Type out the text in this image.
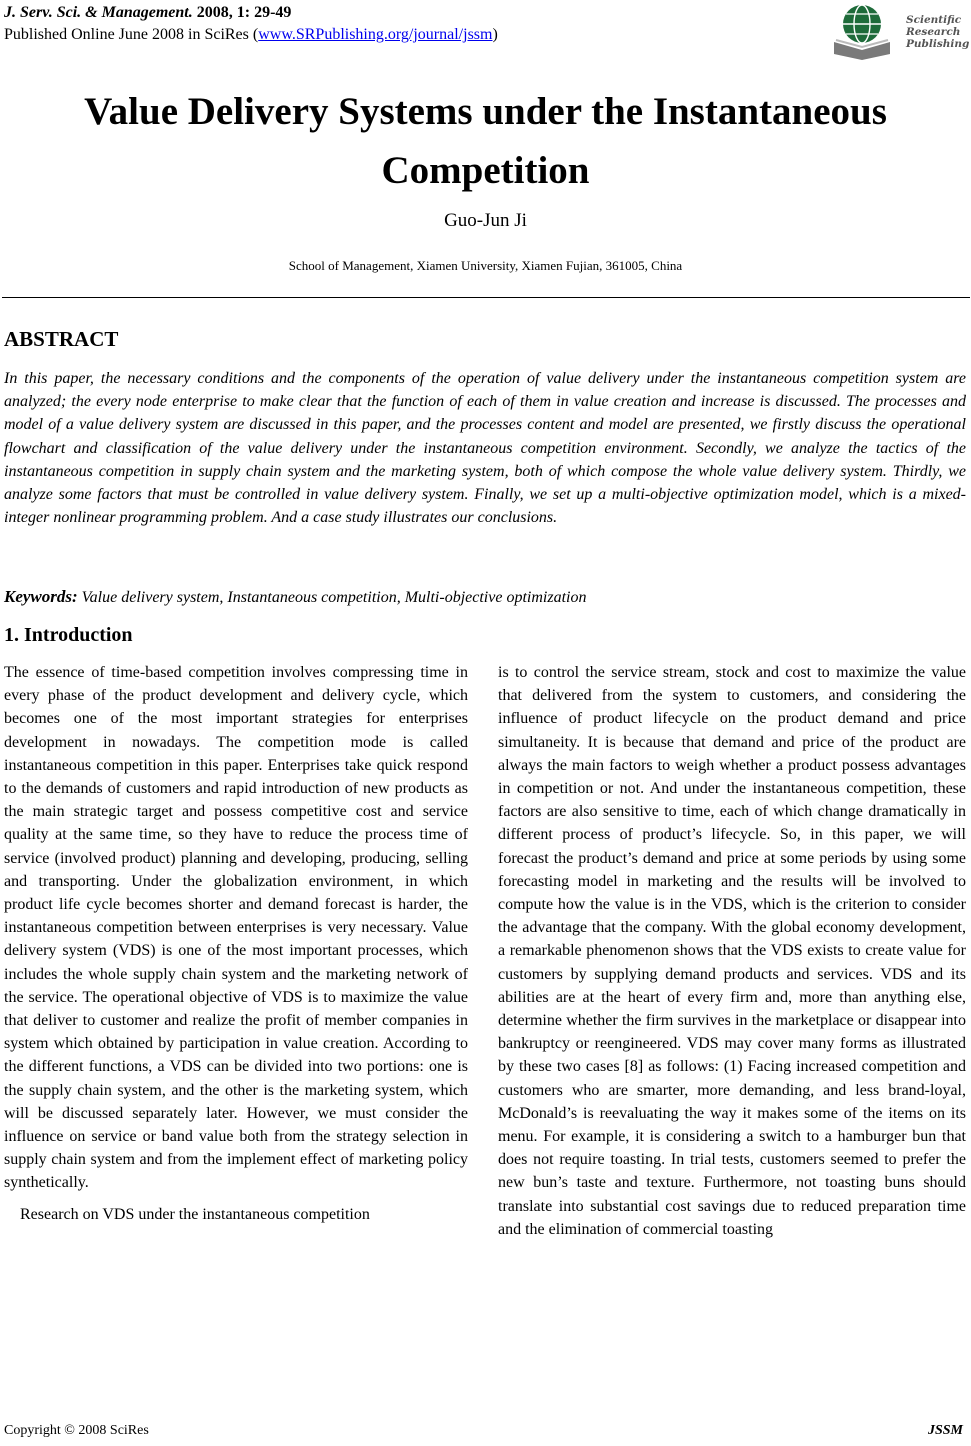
J. Serv. Sci. & Management. 2008, 1: 29-49
Published Online June 2008 in SciRes (www.SRPublishing.org/journal/jssm)
Scientific
Research
Publishing
Value Delivery Systems under the Instantaneous
Competition
Guo-Jun Ji
School of Management, Xiamen University, Xiamen Fujian, 361005, China
ABSTRACT

In this paper, the necessary conditions and the components of the operation of value delivery under the instantaneous competition system are analyzed; the every node enterprise to make clear that the function of each of them in value creation and increase is discussed. The processes and model of a value delivery system are discussed in this paper, and the processes content and model are presented, we firstly discuss the operational flowchart and classification of the value delivery under the instantaneous competition environment. Secondly, we analyze the tactics of the instantaneous competition in supply chain system and the marketing system, both of which compose the whole value delivery system. Thirdly, we analyze some factors that must be controlled in value delivery system. Finally, we set up a multi-objective optimization model, which is a mixed-integer nonlinear programming problem. And a case study illustrates our conclusions.

Keywords: Value delivery system, Instantaneous competition, Multi-objective optimization
1. Introduction

The essence of time-based competition involves compressing time in every phase of the product development and delivery cycle, which becomes one of the most important strategies for enterprises development in nowadays. The competition mode is called instantaneous competition in this paper. Enterprises take quick respond to the demands of customers and rapid introduction of new products as the main strategic target and possess competitive cost and service quality at the same time, so they have to reduce the process time of service (involved product) planning and developing, producing, selling and transporting. Under the globalization environment, in which product life cycle becomes shorter and demand forecast is harder, the instantaneous competition between enterprises is very necessary. Value delivery system (VDS) is one of the most important processes, which includes the whole supply chain system and the marketing network of the service. The operational objective of VDS is to maximize the value that deliver to customer and realize the profit of member companies in system which obtained by participation in value creation. According to the different functions, a VDS can be divided into two portions: one is the supply chain system, and the other is the marketing system, which will be discussed separately later. However, we must consider the influence on service or band value both from the strategy selection in supply chain system and from the implement effect of marketing policy synthetically.

Research on VDS under the instantaneous competition

is to control the service stream, stock and cost to maximize the value that delivered from the system to customers, and considering the influence of product lifecycle on the product demand and price simultaneity. It is because that demand and price of the product are always the main factors to weigh whether a product possess advantages in competition or not. And under the instantaneous competition, these factors are also sensitive to time, each of which change dramatically in different process of product’s lifecycle. So, in this paper, we will forecast the product’s demand and price at some periods by using some forecasting model in marketing and the results will be involved to compute how the value is in the VDS, which is the criterion to consider the advantage that the company. With the global economy development, a remarkable phenomenon shows that the VDS exists to create value for customers by supplying demand products and services. VDS and its abilities are at the heart of every firm and, more than anything else, determine whether the firm survives in the marketplace or disappear into bankruptcy or reengineered. VDS may cover many forms as illustrated by these two cases [8] as follows: (1) Facing increased competition and customers who are smarter, more demanding, and less brand-loyal, McDonald’s is reevaluating the way it makes some of the items on its menu. For example, it is considering a switch to a hamburger bun that does not require toasting. In trial tests, customers seemed to prefer the new bun’s taste and texture. Furthermore, not toasting buns should translate into substantial cost savings due to reduced preparation time and the elimination of commercial toasting

Copyright © 2008 SciRes	JSSM
